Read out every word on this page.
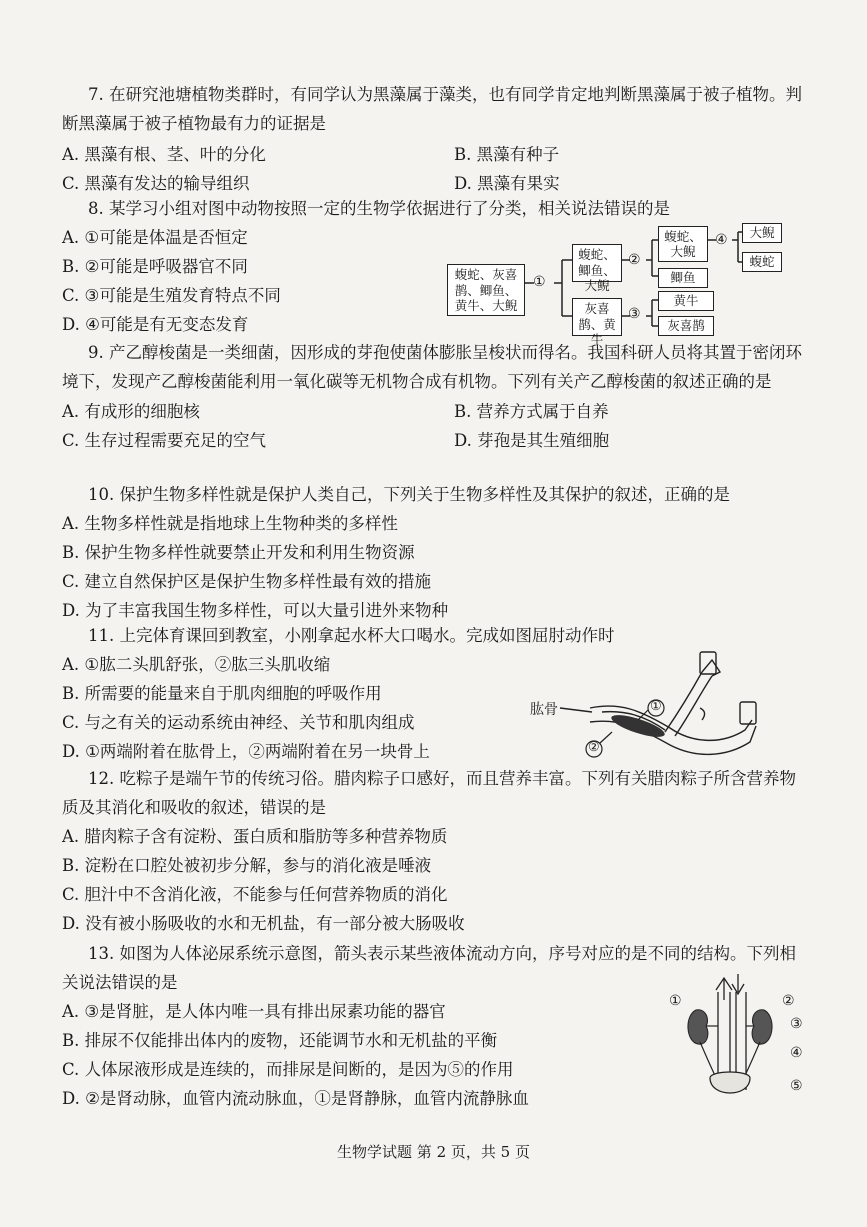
7. 在研究池塘植物类群时，有同学认为黑藻属于藻类，也有同学肯定地判断黑藻属于被子植物。判断黑藻属于被子植物最有力的证据是

A. 黑藻有根、茎、叶的分化	B. 黑藻有种子
C. 黑藻有发达的输导组织	D. 黑藻有果实

8. 某学习小组对图中动物按照一定的生物学依据进行了分类，相关说法错误的是

A. ①可能是体温是否恒定
B. ②可能是呼吸器官不同
C. ③可能是生殖发育特点不同
D. ④可能是有无变态发育
蝮蛇、灰喜鹊、鲫鱼、黄牛、大鲵
①
蝮蛇、鲫鱼、大鲵
灰喜鹊、黄牛
②
③
蝮蛇、大鲵
鲫鱼
④	大鲵
蝮蛇
黄牛
灰喜鹊

9. 产乙醇梭菌是一类细菌，因形成的芽孢使菌体膨胀呈梭状而得名。我国科研人员将其置于密闭环境下，发现产乙醇梭菌能利用一氧化碳等无机物合成有机物。下列有关产乙醇梭菌的叙述正确的是

A. 有成形的细胞核	B. 营养方式属于自养
C. 生存过程需要充足的空气	D. 芽孢是其生殖细胞

10. 保护生物多样性就是保护人类自己，下列关于生物多样性及其保护的叙述，正确的是

A. 生物多样性就是指地球上生物种类的多样性
B. 保护生物多样性就要禁止开发和利用生物资源
C. 建立自然保护区是保护生物多样性最有效的措施
D. 为了丰富我国生物多样性，可以大量引进外来物种

11. 上完体育课回到教室，小刚拿起水杯大口喝水。完成如图屈肘动作时

A. ①肱二头肌舒张，②肱三头肌收缩
B. 所需要的能量来自于肌肉细胞的呼吸作用
C. 与之有关的运动系统由神经、关节和肌肉组成
D. ①两端附着在肱骨上，②两端附着在另一块骨上
肱骨	①
②

12. 吃粽子是端午节的传统习俗。腊肉粽子口感好，而且营养丰富。下列有关腊肉粽子所含营养物质及其消化和吸收的叙述，错误的是

A. 腊肉粽子含有淀粉、蛋白质和脂肪等多种营养物质
B. 淀粉在口腔处被初步分解，参与的消化液是唾液
C. 胆汁中不含消化液，不能参与任何营养物质的消化
D. 没有被小肠吸收的水和无机盐，有一部分被大肠吸收

13. 如图为人体泌尿系统示意图，箭头表示某些液体流动方向，序号对应的是不同的结构。下列相关说法错误的是

A. ③是肾脏，是人体内唯一具有排出尿素功能的器官
B. 排尿不仅能排出体内的废物，还能调节水和无机盐的平衡
C. 人体尿液形成是连续的，而排尿是间断的，是因为⑤的作用
D. ②是肾动脉，血管内流动脉血，①是肾静脉，血管内流静脉血
①	②
③
④
⑤
生物学试题 第 2 页，共 5 页
